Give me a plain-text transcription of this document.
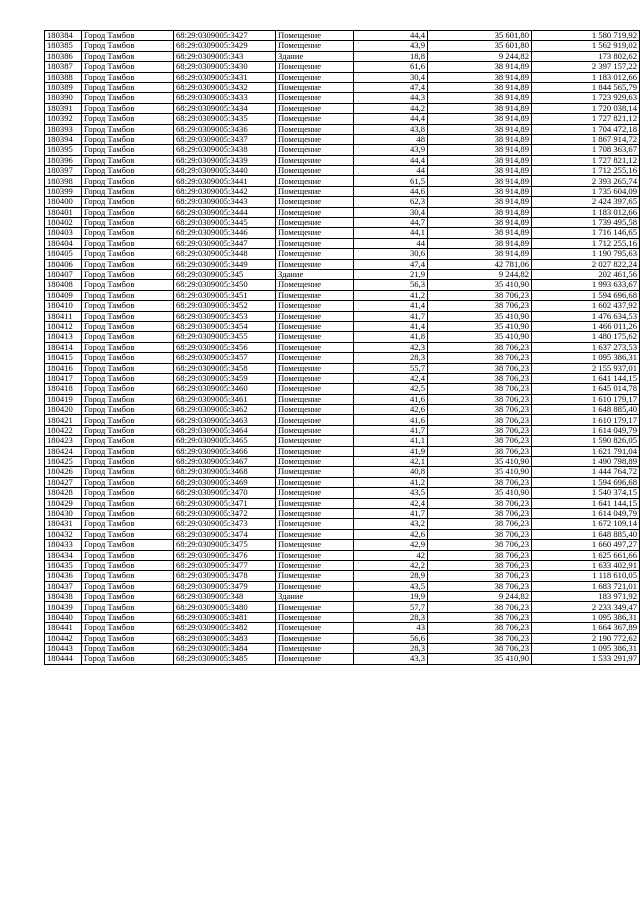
180384	Город Тамбов	68:29:0309005:3427	Помещение	44,4	35 601,80	1 580 719,92
180385	Город Тамбов	68:29:0309005:3429	Помещение	43,9	35 601,80	1 562 919,02
180386	Город Тамбов	68:29:0309005:343	Здание	18,8	9 244,82	173 802,62
180387	Город Тамбов	68:29:0309005:3430	Помещение	61,6	38 914,89	2 397 157,22
180388	Город Тамбов	68:29:0309005:3431	Помещение	30,4	38 914,89	1 183 012,66
180389	Город Тамбов	68:29:0309005:3432	Помещение	47,4	38 914,89	1 844 565,79
180390	Город Тамбов	68:29:0309005:3433	Помещение	44,3	38 914,89	1 723 929,63
180391	Город Тамбов	68:29:0309005:3434	Помещение	44,2	38 914,89	1 720 038,14
180392	Город Тамбов	68:29:0309005:3435	Помещение	44,4	38 914,89	1 727 821,12
180393	Город Тамбов	68:29:0309005:3436	Помещение	43,8	38 914,89	1 704 472,18
180394	Город Тамбов	68:29:0309005:3437	Помещение	48	38 914,89	1 867 914,72
180395	Город Тамбов	68:29:0309005:3438	Помещение	43,9	38 914,89	1 708 363,67
180396	Город Тамбов	68:29:0309005:3439	Помещение	44,4	38 914,89	1 727 821,12
180397	Город Тамбов	68:29:0309005:3440	Помещение	44	38 914,89	1 712 255,16
180398	Город Тамбов	68:29:0309005:3441	Помещение	61,5	38 914,89	2 393 265,74
180399	Город Тамбов	68:29:0309005:3442	Помещение	44,6	38 914,89	1 735 604,09
180400	Город Тамбов	68:29:0309005:3443	Помещение	62,3	38 914,89	2 424 397,65
180401	Город Тамбов	68:29:0309005:3444	Помещение	30,4	38 914,89	1 183 012,66
180402	Город Тамбов	68:29:0309005:3445	Помещение	44,7	38 914,89	1 739 495,58
180403	Город Тамбов	68:29:0309005:3446	Помещение	44,1	38 914,89	1 716 146,65
180404	Город Тамбов	68:29:0309005:3447	Помещение	44	38 914,89	1 712 255,16
180405	Город Тамбов	68:29:0309005:3448	Помещение	30,6	38 914,89	1 190 795,63
180406	Город Тамбов	68:29:0309005:3449	Помещение	47,4	42 781,06	2 027 822,24
180407	Город Тамбов	68:29:0309005:345	Здание	21,9	9 244,82	202 461,56
180408	Город Тамбов	68:29:0309005:3450	Помещение	56,3	35 410,90	1 993 633,67
180409	Город Тамбов	68:29:0309005:3451	Помещение	41,2	38 706,23	1 594 696,68
180410	Город Тамбов	68:29:0309005:3452	Помещение	41,4	38 706,23	1 602 437,92
180411	Город Тамбов	68:29:0309005:3453	Помещение	41,7	35 410,90	1 476 634,53
180412	Город Тамбов	68:29:0309005:3454	Помещение	41,4	35 410,90	1 466 011,26
180413	Город Тамбов	68:29:0309005:3455	Помещение	41,8	35 410,90	1 480 175,62
180414	Город Тамбов	68:29:0309005:3456	Помещение	42,3	38 706,23	1 637 273,53
180415	Город Тамбов	68:29:0309005:3457	Помещение	28,3	38 706,23	1 095 386,31
180416	Город Тамбов	68:29:0309005:3458	Помещение	55,7	38 706,23	2 155 937,01
180417	Город Тамбов	68:29:0309005:3459	Помещение	42,4	38 706,23	1 641 144,15
180418	Город Тамбов	68:29:0309005:3460	Помещение	42,5	38 706,23	1 645 014,78
180419	Город Тамбов	68:29:0309005:3461	Помещение	41,6	38 706,23	1 610 179,17
180420	Город Тамбов	68:29:0309005:3462	Помещение	42,6	38 706,23	1 648 885,40
180421	Город Тамбов	68:29:0309005:3463	Помещение	41,6	38 706,23	1 610 179,17
180422	Город Тамбов	68:29:0309005:3464	Помещение	41,7	38 706,23	1 614 049,79
180423	Город Тамбов	68:29:0309005:3465	Помещение	41,1	38 706,23	1 590 826,05
180424	Город Тамбов	68:29:0309005:3466	Помещение	41,9	38 706,23	1 621 791,04
180425	Город Тамбов	68:29:0309005:3467	Помещение	42,1	35 410,90	1 490 798,89
180426	Город Тамбов	68:29:0309005:3468	Помещение	40,8	35 410,90	1 444 764,72
180427	Город Тамбов	68:29:0309005:3469	Помещение	41,2	38 706,23	1 594 696,68
180428	Город Тамбов	68:29:0309005:3470	Помещение	43,5	35 410,90	1 540 374,15
180429	Город Тамбов	68:29:0309005:3471	Помещение	42,4	38 706,23	1 641 144,15
180430	Город Тамбов	68:29:0309005:3472	Помещение	41,7	38 706,23	1 614 049,79
180431	Город Тамбов	68:29:0309005:3473	Помещение	43,2	38 706,23	1 672 109,14
180432	Город Тамбов	68:29:0309005:3474	Помещение	42,6	38 706,23	1 648 885,40
180433	Город Тамбов	68:29:0309005:3475	Помещение	42,9	38 706,23	1 660 497,27
180434	Город Тамбов	68:29:0309005:3476	Помещение	42	38 706,23	1 625 661,66
180435	Город Тамбов	68:29:0309005:3477	Помещение	42,2	38 706,23	1 633 402,91
180436	Город Тамбов	68:29:0309005:3478	Помещение	28,9	38 706,23	1 118 610,05
180437	Город Тамбов	68:29:0309005:3479	Помещение	43,5	38 706,23	1 683 721,01
180438	Город Тамбов	68:29:0309005:348	Здание	19,9	9 244,82	183 971,92
180439	Город Тамбов	68:29:0309005:3480	Помещение	57,7	38 706,23	2 233 349,47
180440	Город Тамбов	68:29:0309005:3481	Помещение	28,3	38 706,23	1 095 386,31
180441	Город Тамбов	68:29:0309005:3482	Помещение	43	38 706,23	1 664 367,89
180442	Город Тамбов	68:29:0309005:3483	Помещение	56,6	38 706,23	2 190 772,62
180443	Город Тамбов	68:29:0309005:3484	Помещение	28,3	38 706,23	1 095 386,31
180444	Город Тамбов	68:29:0309005:3485	Помещение	43,3	35 410,90	1 533 291,97
